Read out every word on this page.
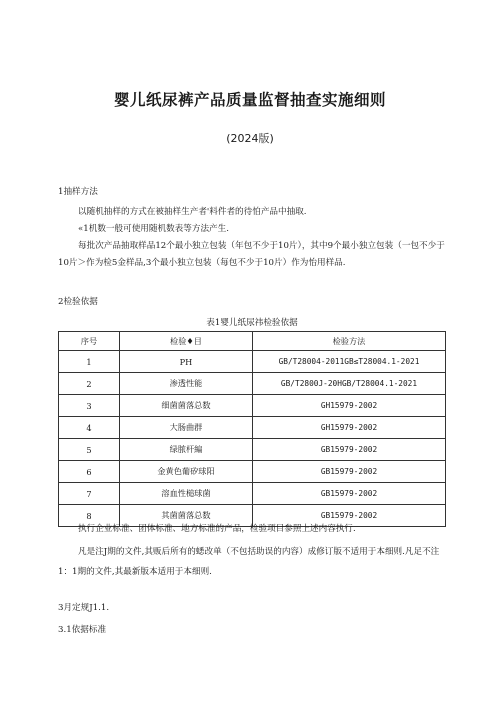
婴儿纸尿裤产品质量监督抽查实施细则
(2024版)
1抽样方法
以随机抽样的方式在被抽样生产者'料件者的待怕产品中抽取.
«1机数一般可使用随机数表等方法产生.
每批次产品抽取样品12个最小独立包装（年包不少于10片），其中9个最小独立包装（一包不少于
10片＞作为检5金样品,3个最小独立包装（每包不少于10片）作为怡用样品.
2检验依据
表1婴儿纸尿祎检验依据
序号	检验♦目	检验方法
1	PH	GB/T28004-2011GB≤T28004.1-2021
2	渗透性能	GB/T2800J-20HGB/T28004.1-2021
3	细菌菌落总数	GH15979-2002
4	大肠曲群	GH15979-2002
5	绿脓杆編	GB15979-2002
6	金黄色葡矽球阳	GB15979-2002
7	溶血性槌球菌	GB15979-2002
8	其菌菌落总数	GB15979-2002
执行企业标准、团体标准、地方标准的产品，检验项目参照上述内容执行.
凡是注J期的文件,其贩后所有的蟋改单（不包括助误的内容）成修订版不适用于本细则.凡足不注
1：1期的文件,其最新版本适用于本细则.
3月定规J1.1.
3.1依据标准
